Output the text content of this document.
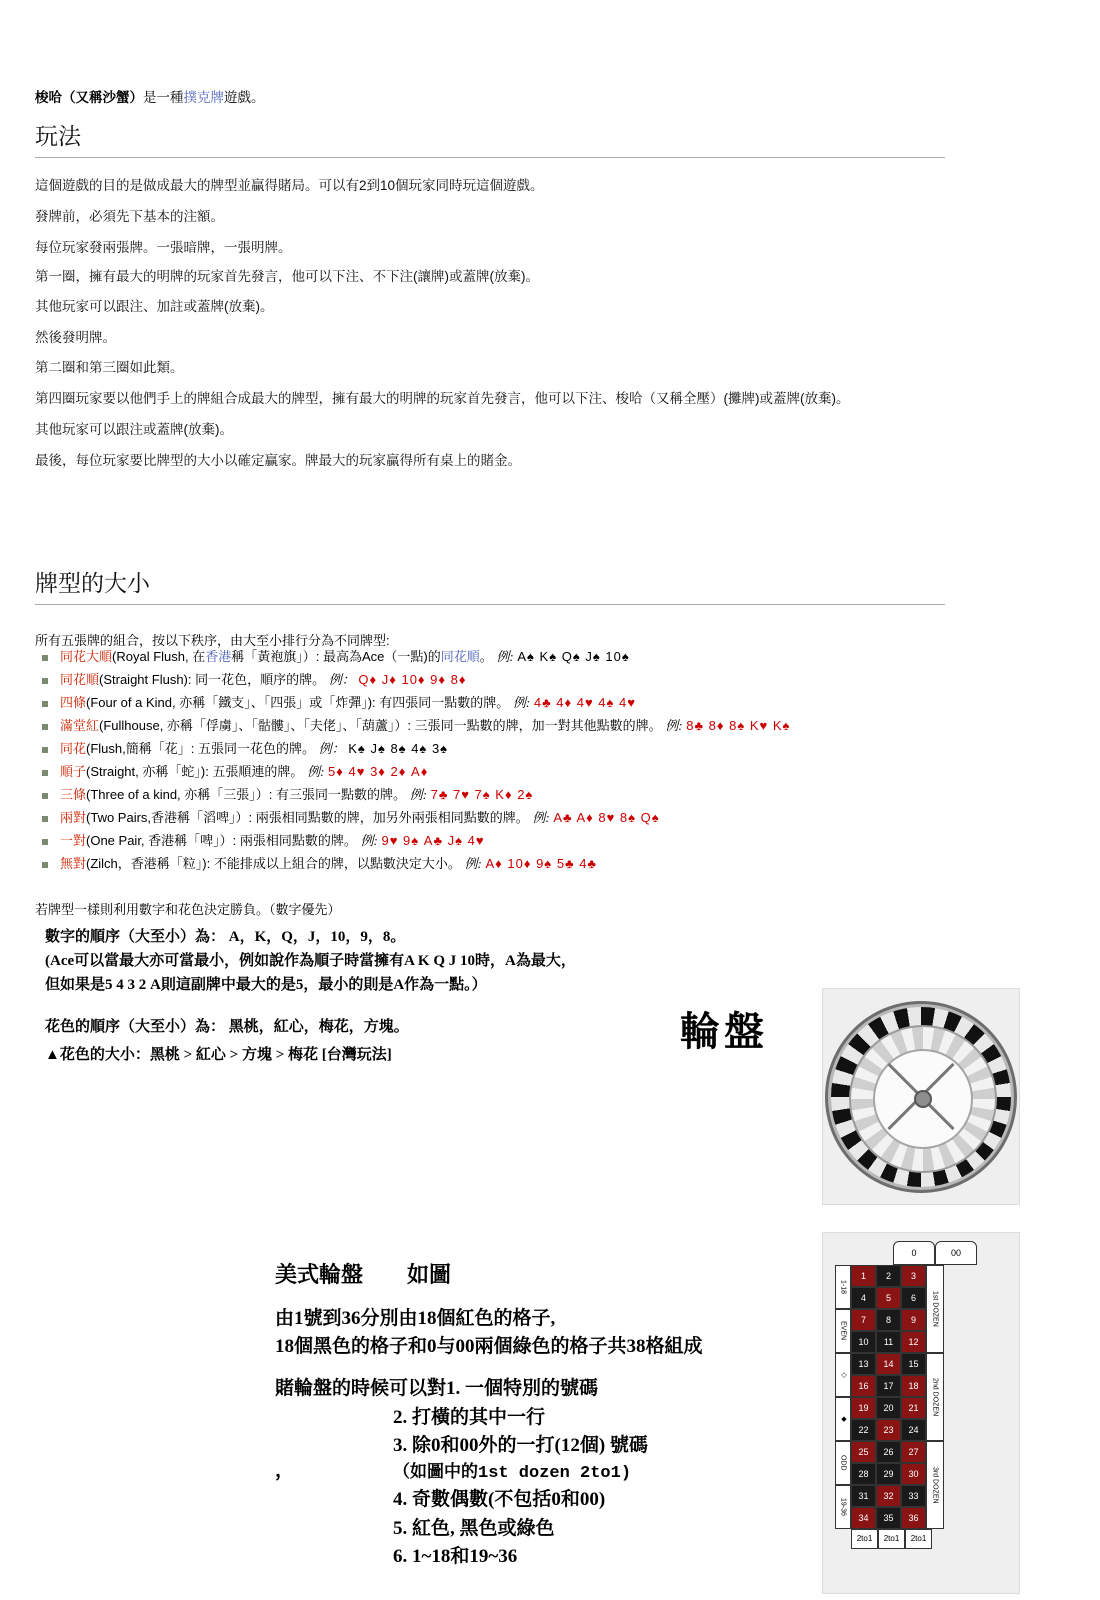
梭哈（又稱沙蟹）是一種撲克牌遊戲。
玩法
這個遊戲的目的是做成最大的牌型並贏得賭局。可以有2到10個玩家同時玩這個遊戲。
發牌前，必須先下基本的注額。
每位玩家發兩張牌。一張暗牌，一張明牌。
第一圈，擁有最大的明牌的玩家首先發言，他可以下注、不下注(讓牌)或蓋牌(放棄)。
其他玩家可以跟注、加註或蓋牌(放棄)。
然後發明牌。
第二圈和第三圈如此類。
第四圈玩家要以他們手上的牌組合成最大的牌型，擁有最大的明牌的玩家首先發言，他可以下注、梭哈（又稱全壓）(攤牌)或蓋牌(放棄)。
其他玩家可以跟注或蓋牌(放棄)。
最後，每位玩家要比牌型的大小以確定贏家。牌最大的玩家贏得所有桌上的賭金。
牌型的大小
所有五張牌的組合，按以下秩序，由大至小排行分為不同牌型:
同花大順(Royal Flush, 在香港稱「黃袍旗」）: 最高為Ace（一點)的同花順。 例: A♠ K♠ Q♠ J♠ 10♠
同花順(Straight Flush): 同一花色，順序的牌。 例： Q♦ J♦ 10♦ 9♦ 8♦
四條(Four of a Kind, 亦稱「鐵支」、「四張」或「炸彈」): 有四張同一點數的牌。 例: 4♣ 4♦ 4♥ 4♠ 4♥
滿堂紅(Fullhouse, 亦稱「俘虜」、「骷髏」、「夫佬」、「葫蘆」）: 三張同一點數的牌，加一對其他點數的牌。 例: 8♣ 8♦ 8♠ K♥ K♠
同花(Flush,簡稱「花」: 五張同一花色的牌。 例： K♠ J♠ 8♠ 4♠ 3♠
順子(Straight, 亦稱「蛇」): 五張順連的牌。 例: 5♦ 4♥ 3♦ 2♦ A♦
三條(Three of a kind, 亦稱「三張」）: 有三張同一點數的牌。 例: 7♣ 7♥ 7♠ K♦ 2♠
兩對(Two Pairs,香港稱「滔啤」）: 兩張相同點數的牌，加另外兩張相同點數的牌。 例: A♣ A♦ 8♥ 8♠ Q♠
一對(One Pair, 香港稱「啤」）: 兩張相同點數的牌。 例: 9♥ 9♠ A♣ J♠ 4♥
無對(Zilch，香港稱「粒」): 不能排成以上組合的牌，以點數決定大小。 例: A♦ 10♦ 9♠ 5♣ 4♣
若牌型一樣則利用數字和花色決定勝負。（數字優先）
數字的順序（大至小）為： A，K，Q，J，10，9，8。
(Ace可以當最大亦可當最小，例如說作為順子時當擁有A K Q J 10時，A為最大，
但如果是5 4 3 2 A則這副牌中最大的是5，最小的則是A作為一點。）
花色的順序（大至小）為： 黑桃，紅心，梅花，方塊。
▲花色的大小：黑桃 > 紅心 > 方塊 > 梅花 [台灣玩法]
輪盤
0	00
1-18
EVEN
◇
◆
ODD
19-36
1	2	3
4	5	6
7	8	9
10	11	12
13	14	15
16	17	18
19	20	21
22	23	24
25	26	27
28	29	30
31	32	33
34	35	36
1st DOZEN
2nd DOZEN
3rd DOZEN
2to1	2to1	2to1
美式輪盤　　如圖
由1號到36分別由18個紅色的格子,
18個黑色的格子和0与00兩個綠色的格子共38格組成
賭輪盤的時候可以對1. 一個特別的號碼
2. 打橫的其中一行
3. 除0和00外的一打(12個) 號碼
（如圖中的1st dozen 2to1)
4. 奇數偶數(不包括0和00)
5. 紅色, 黑色或綠色
6. 1~18和19~36
，
